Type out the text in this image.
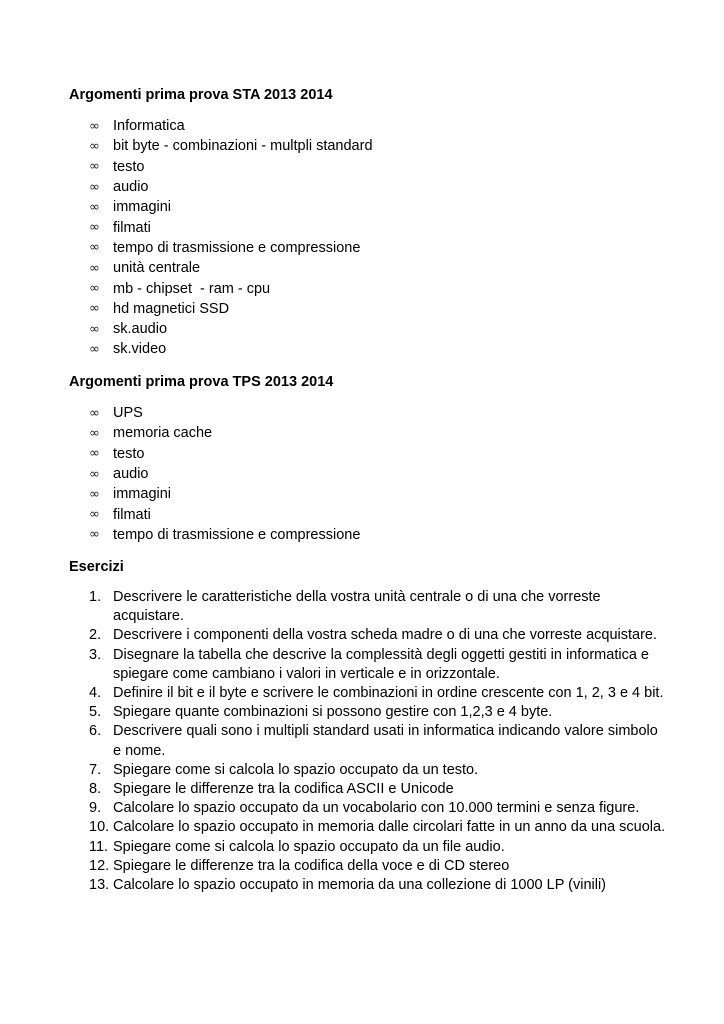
Argomenti prima prova STA 2013 2014
∞ Informatica
∞ bit byte - combinazioni - multpli standard
∞ testo
∞ audio
∞ immagini
∞ filmati
∞ tempo di trasmissione e compressione
∞ unità centrale
∞ mb - chipset  - ram - cpu
∞ hd magnetici SSD
∞ sk.audio
∞ sk.video
Argomenti prima prova TPS 2013 2014
∞ UPS
∞ memoria cache
∞ testo
∞ audio
∞ immagini
∞ filmati
∞ tempo di trasmissione e compressione
Esercizi
1. Descrivere le caratteristiche della vostra unità centrale o di una che vorreste acquistare.
2. Descrivere i componenti della vostra scheda madre o di una che vorreste acquistare.
3. Disegnare la tabella che descrive la complessità degli oggetti gestiti in informatica e spiegare come cambiano i valori in verticale e in orizzontale.
4. Definire il bit e il byte e scrivere le combinazioni in ordine crescente con 1, 2, 3 e 4 bit.
5. Spiegare quante combinazioni si possono gestire con 1,2,3 e 4 byte.
6. Descrivere quali sono i multipli standard usati in informatica indicando valore simbolo e nome.
7. Spiegare come si calcola lo spazio occupato da un testo.
8. Spiegare le differenze tra la codifica ASCII e Unicode
9. Calcolare lo spazio occupato da un vocabolario con 10.000 termini e senza figure.
10. Calcolare lo spazio occupato in memoria dalle circolari fatte in un anno da una scuola.
11. Spiegare come si calcola lo spazio occupato da un file audio.
12. Spiegare le differenze tra la codifica della voce e di CD stereo
13. Calcolare lo spazio occupato in memoria da una collezione di 1000 LP (vinili)
